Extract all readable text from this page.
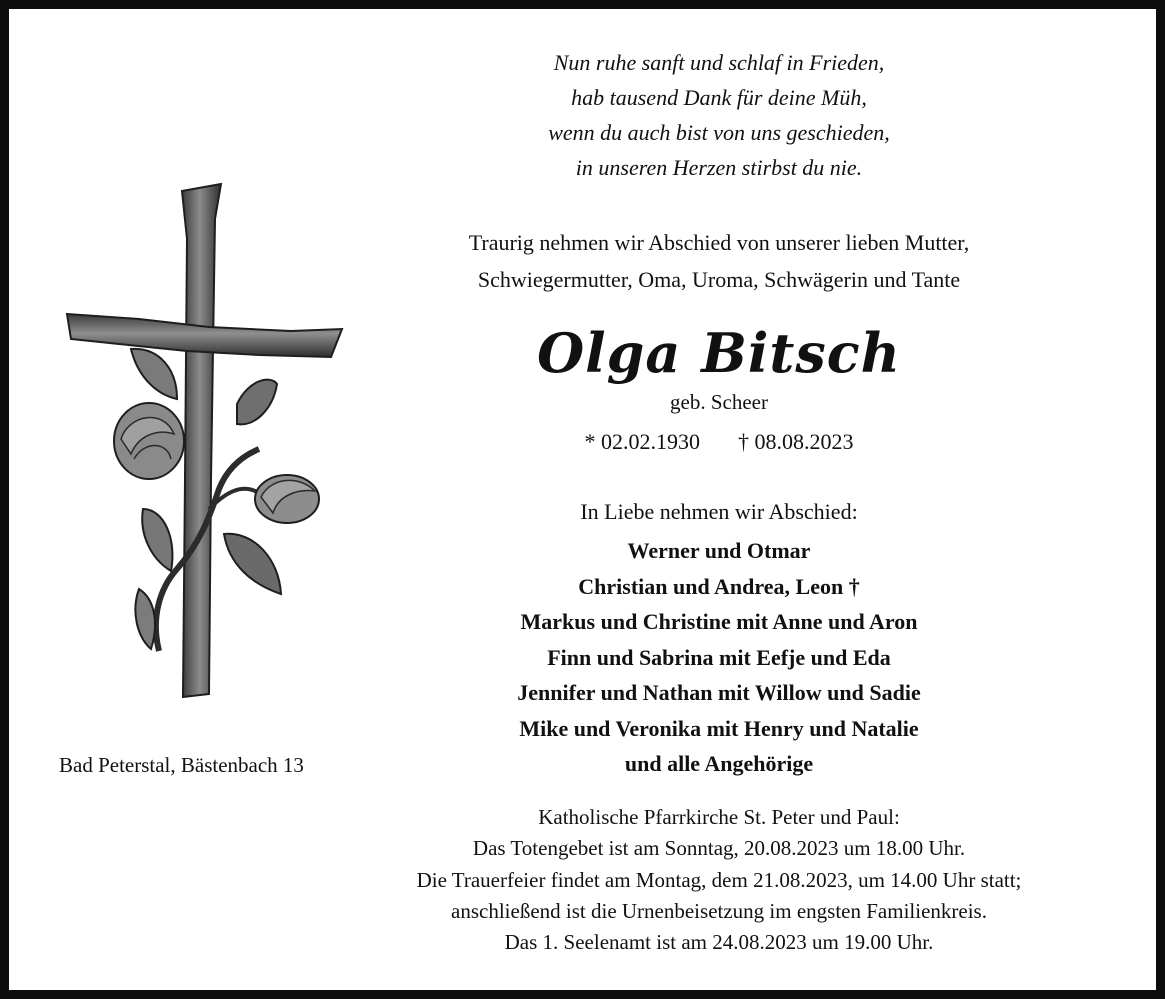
Nun ruhe sanft und schlaf in Frieden,
hab tausend Dank für deine Müh,
wenn du auch bist von uns geschieden,
in unseren Herzen stirbst du nie.
Traurig nehmen wir Abschied von unserer lieben Mutter,
Schwiegermutter, Oma, Uroma, Schwägerin und Tante
Olga Bitsch
geb. Scheer
* 02.02.1930 † 08.08.2023
In Liebe nehmen wir Abschied:
Werner und Otmar
Christian und Andrea, Leon †
Markus und Christine mit Anne und Aron
Finn und Sabrina mit Eefje und Eda
Jennifer und Nathan mit Willow und Sadie
Mike und Veronika mit Henry und Natalie
und alle Angehörige
Bad Peterstal, Bästenbach 13
Katholische Pfarrkirche St. Peter und Paul:
Das Totengebet ist am Sonntag, 20.08.2023 um 18.00 Uhr.
Die Trauerfeier findet am Montag, dem 21.08.2023, um 14.00 Uhr statt;
anschließend ist die Urnenbeisetzung im engsten Familienkreis.
Das 1. Seelenamt ist am 24.08.2023 um 19.00 Uhr.
